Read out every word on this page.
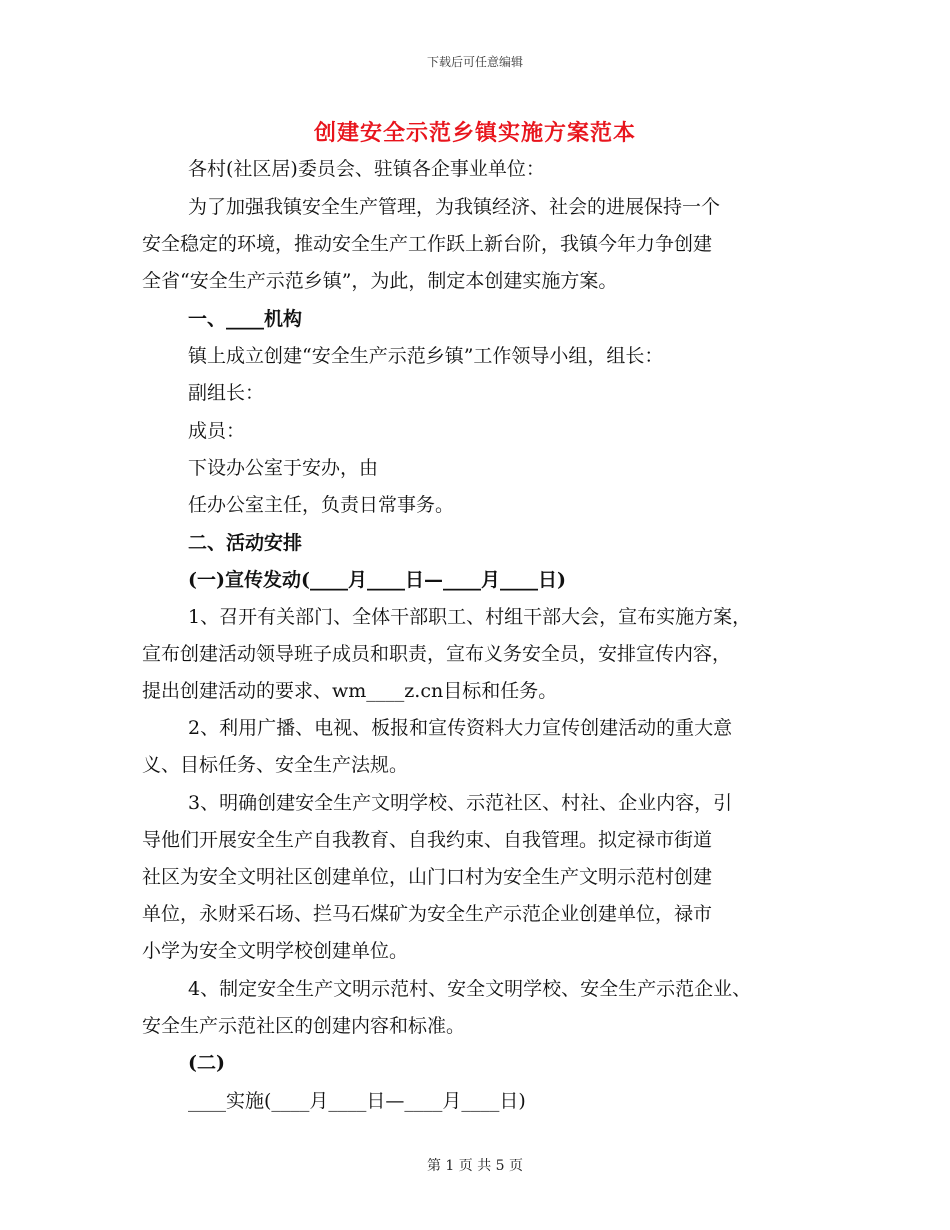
下载后可任意编辑
创建安全示范乡镇实施方案范本
各村(社区居)委员会、驻镇各企事业单位：
为了加强我镇安全生产管理，为我镇经济、社会的进展保持一个
安全稳定的环境，推动安全生产工作跃上新台阶，我镇今年力争创建
全省“安全生产示范乡镇”，为此，制定本创建实施方案。
一、____机构
镇上成立创建“安全生产示范乡镇”工作领导小组，组长：
副组长：
成员：
下设办公室于安办，由
任办公室主任，负责日常事务。
二、活动安排
(一)宣传发动(____月____日—____月____日)
1、召开有关部门、全体干部职工、村组干部大会，宣布实施方案，
宣布创建活动领导班子成员和职责，宣布义务安全员，安排宣传内容，
提出创建活动的要求、wm____z.cn目标和任务。
2、利用广播、电视、板报和宣传资料大力宣传创建活动的重大意
义、目标任务、安全生产法规。
3、明确创建安全生产文明学校、示范社区、村社、企业内容，引
导他们开展安全生产自我教育、自我约束、自我管理。拟定禄市街道
社区为安全文明社区创建单位，山门口村为安全生产文明示范村创建
单位，永财采石场、拦马石煤矿为安全生产示范企业创建单位，禄市
小学为安全文明学校创建单位。
4、制定安全生产文明示范村、安全文明学校、安全生产示范企业、
安全生产示范社区的创建内容和标准。
(二)
____实施(____月____日—____月____日)
第 1 页 共 5 页
